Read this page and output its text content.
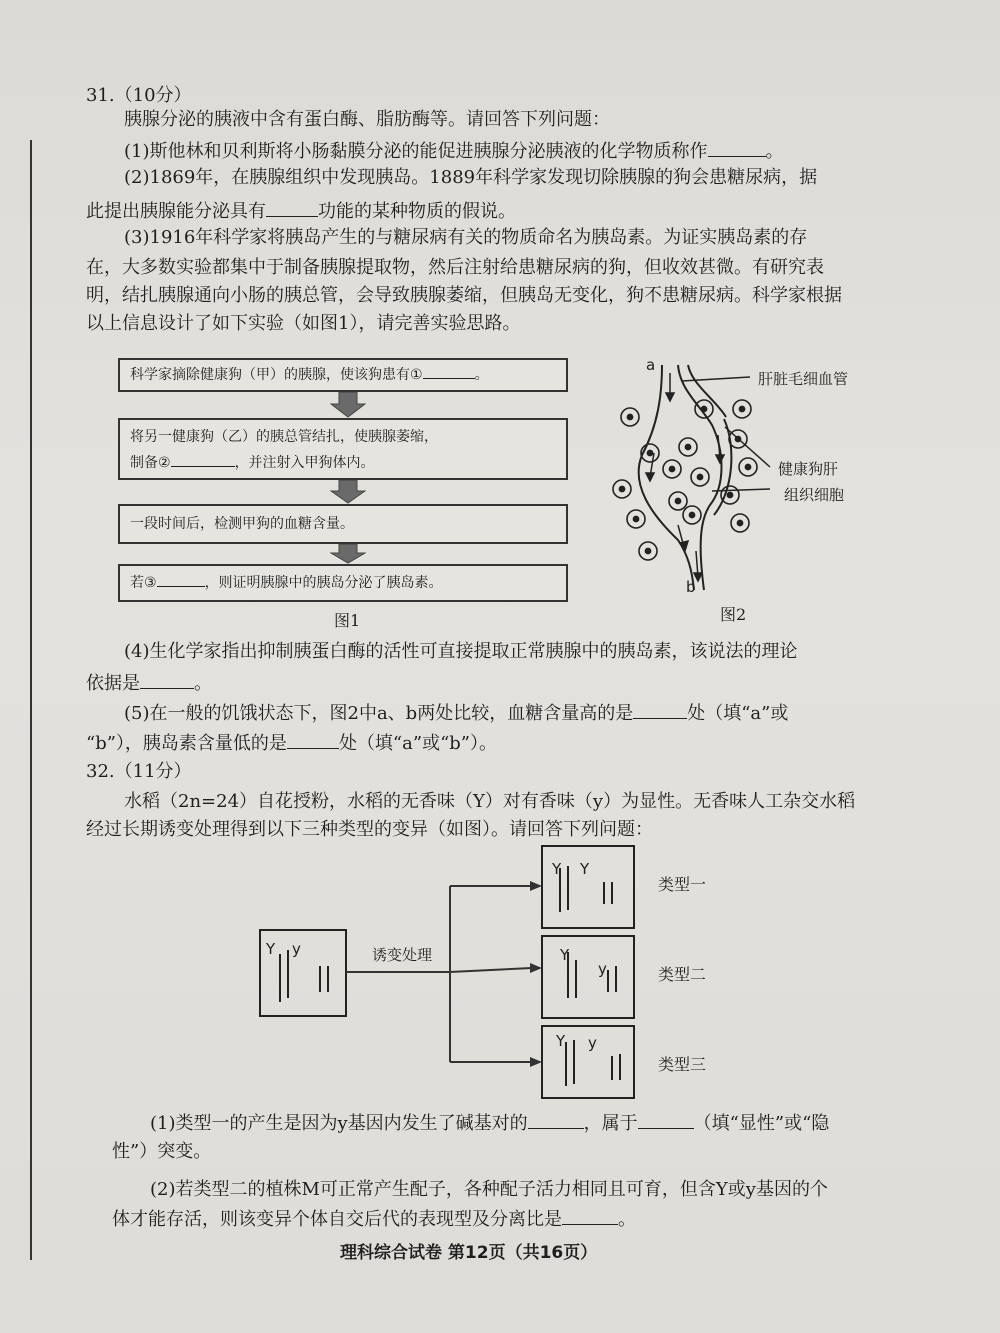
31.（10分）
胰腺分泌的胰液中含有蛋白酶、脂肪酶等。请回答下列问题：
(1)斯他林和贝利斯将小肠黏膜分泌的能促进胰腺分泌胰液的化学物质称作	。
(2)1869年，在胰腺组织中发现胰岛。1889年科学家发现切除胰腺的狗会患糖尿病，据
此提出胰腺能分泌具有	功能的某种物质的假说。
(3)1916年科学家将胰岛产生的与糖尿病有关的物质命名为胰岛素。为证实胰岛素的存
在，大多数实验都集中于制备胰腺提取物，然后注射给患糖尿病的狗，但收效甚微。有研究表
明，结扎胰腺通向小肠的胰总管，会导致胰腺萎缩，但胰岛无变化，狗不患糖尿病。科学家根据
以上信息设计了如下实验（如图1），请完善实验思路。
科学家摘除健康狗（甲）的胰腺，使该狗患有①	。
将另一健康狗（乙）的胰总管结扎，使胰腺萎缩，
制备②	，并注射入甲狗体内。
一段时间后，检测甲狗的血糖含量。
若③	，则证明胰腺中的胰岛分泌了胰岛素。
图1
a
b
肝脏毛细血管
健康狗肝
组织细胞
图2
(4)生化学家指出抑制胰蛋白酶的活性可直接提取正常胰腺中的胰岛素，该说法的理论
依据是	。
(5)在一般的饥饿状态下，图2中a、b两处比较，血糖含量高的是	处（填“a”或
“b”），胰岛素含量低的是	处（填“a”或“b”）。
32.（11分）
水稻（2n=24）自花授粉，水稻的无香味（Y）对有香味（y）为显性。无香味人工杂交水稻
经过长期诱变处理得到以下三种类型的变异（如图）。请回答下列问题：
Y y	诱变处理
Y Y
Y
y
Y y
类型一
类型二
类型三
(1)类型一的产生是因为y基因内发生了碱基对的	，属于	（填“显性”或“隐
性”）突变。
(2)若类型二的植株M可正常产生配子，各种配子活力相同且可育，但含Y或y基因的个
体才能存活，则该变异个体自交后代的表现型及分离比是	。
理科综合试卷 第12页（共16页）
